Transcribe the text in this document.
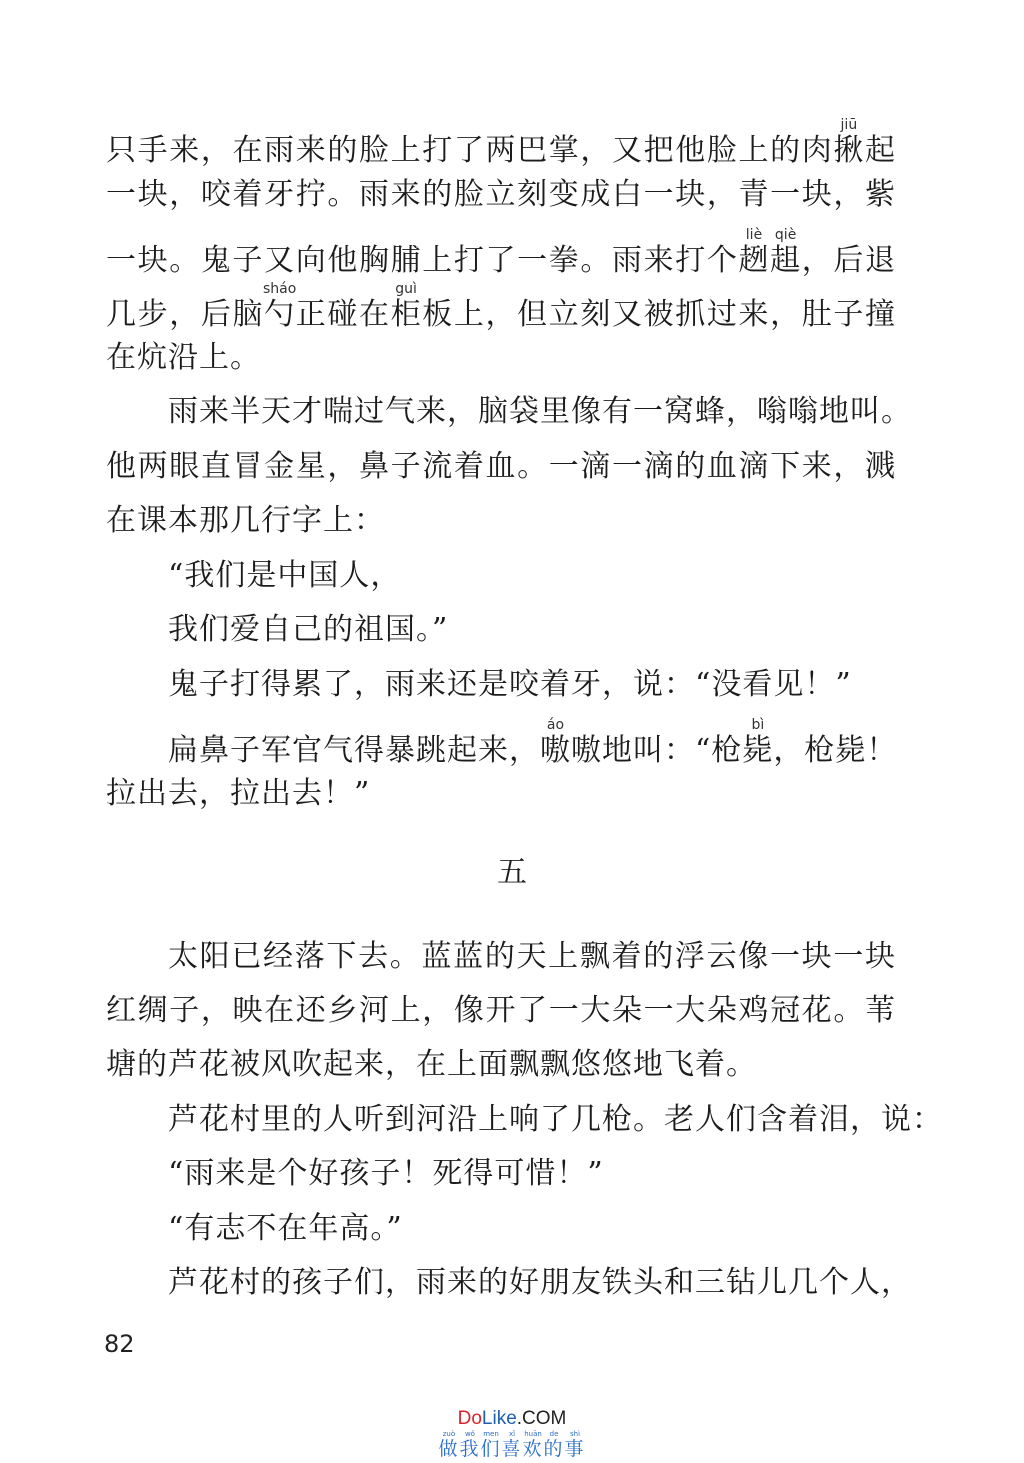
只手来，在雨来的脸上打了两巴掌，又把他脸上的肉揪jiū起
一块，咬着牙拧。雨来的脸立刻变成白一块，青一块，紫
一块。鬼子又向他胸脯上打了一拳。雨来打个趔liè趄qiè，后退
几步，后脑勺sháo正碰在柜guì板上，但立刻又被抓过来，肚子撞
在炕沿上。
雨来半天才喘过气来，脑袋里像有一窝蜂，嗡嗡地叫。
他两眼直冒金星，鼻子流着血。一滴一滴的血滴下来，溅
在课本那几行字上：
“我们是中国人，
我们爱自己的祖国。”
鬼子打得累了，雨来还是咬着牙，说：“没看见！”
扁鼻子军官气得暴跳起来，嗷áo嗷地叫：“枪毙bì，枪毙！
拉出去，拉出去！”
五
太阳已经落下去。蓝蓝的天上飘着的浮云像一块一块
红绸子，映在还乡河上，像开了一大朵一大朵鸡冠花。苇
塘的芦花被风吹起来，在上面飘飘悠悠地飞着。
芦花村里的人听到河沿上响了几枪。老人们含着泪，说：
“雨来是个好孩子！死得可惜！”
“有志不在年高。”
芦花村的孩子们，雨来的好朋友铁头和三钻儿几个人，
82
DoLike.COM
做zuò我wǒ们men喜xǐ欢huān的de事shì
